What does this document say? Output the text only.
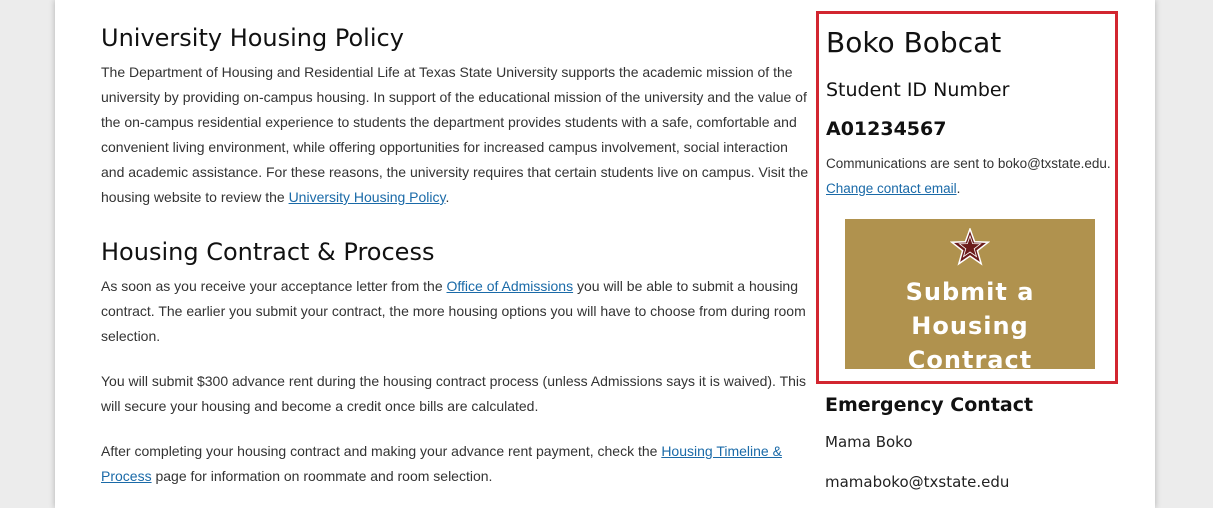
University Housing Policy

The Department of Housing and Residential Life at Texas State University supports the academic mission of the university by providing on-campus housing. In support of the educational mission of the university and the value of the on-campus residential experience to students the department provides students with a safe, comfortable and convenient living environment, while offering opportunities for increased campus involvement, social interaction and academic assistance. For these reasons, the university requires that certain students live on campus. Visit the housing website to review the University Housing Policy.

Housing Contract & Process

As soon as you receive your acceptance letter from the Office of Admissions you will be able to submit a housing contract. The earlier you submit your contract, the more housing options you will have to choose from during room selection.

You will submit $300 advance rent during the housing contract process (unless Admissions says it is waived). This will secure your housing and become a credit once bills are calculated.

After completing your housing contract and making your advance rent payment, check the Housing Timeline & Process page for information on roommate and room selection.

Boko Bobcat
Student ID Number
A01234567
Communications are sent to boko@txstate.edu. Change contact email.
Submit a
Housing Contract
Emergency Contact
Mama Boko
mamaboko@txstate.edu
